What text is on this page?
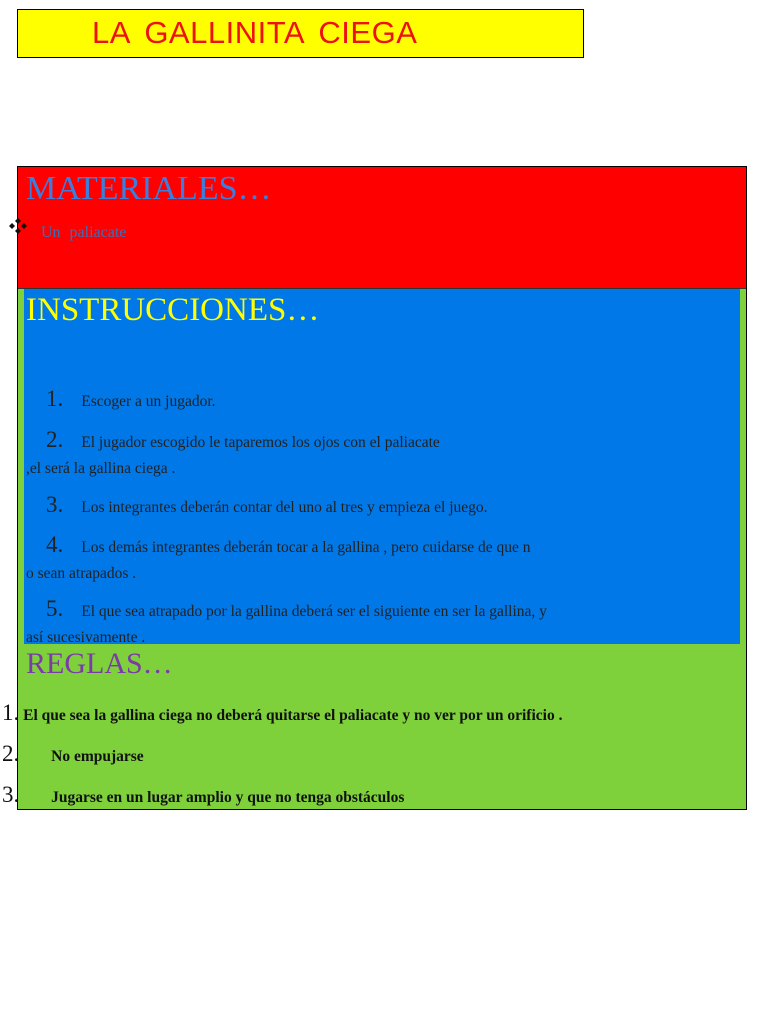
LA GALLINITA CIEGA
MATERIALES…
Un paliacate
INSTRUCCIONES…
1. Escoger a un jugador.
2. El jugador escogido le taparemos los ojos con el paliacate
,el será la gallina ciega .
3. Los integrantes deberán contar del uno al tres y empieza el juego.
4. Los demás integrantes deberán tocar a la gallina , pero cuidarse de que n
o sean atrapados .
5. El que sea atrapado por la gallina deberá ser el siguiente en ser la gallina, y
así sucesivamente .
REGLAS…
1. El que sea la gallina ciega no deberá quitarse el paliacate y no ver por un orificio .
2. No empujarse
3. Jugarse en un lugar amplio y que no tenga obstáculos
